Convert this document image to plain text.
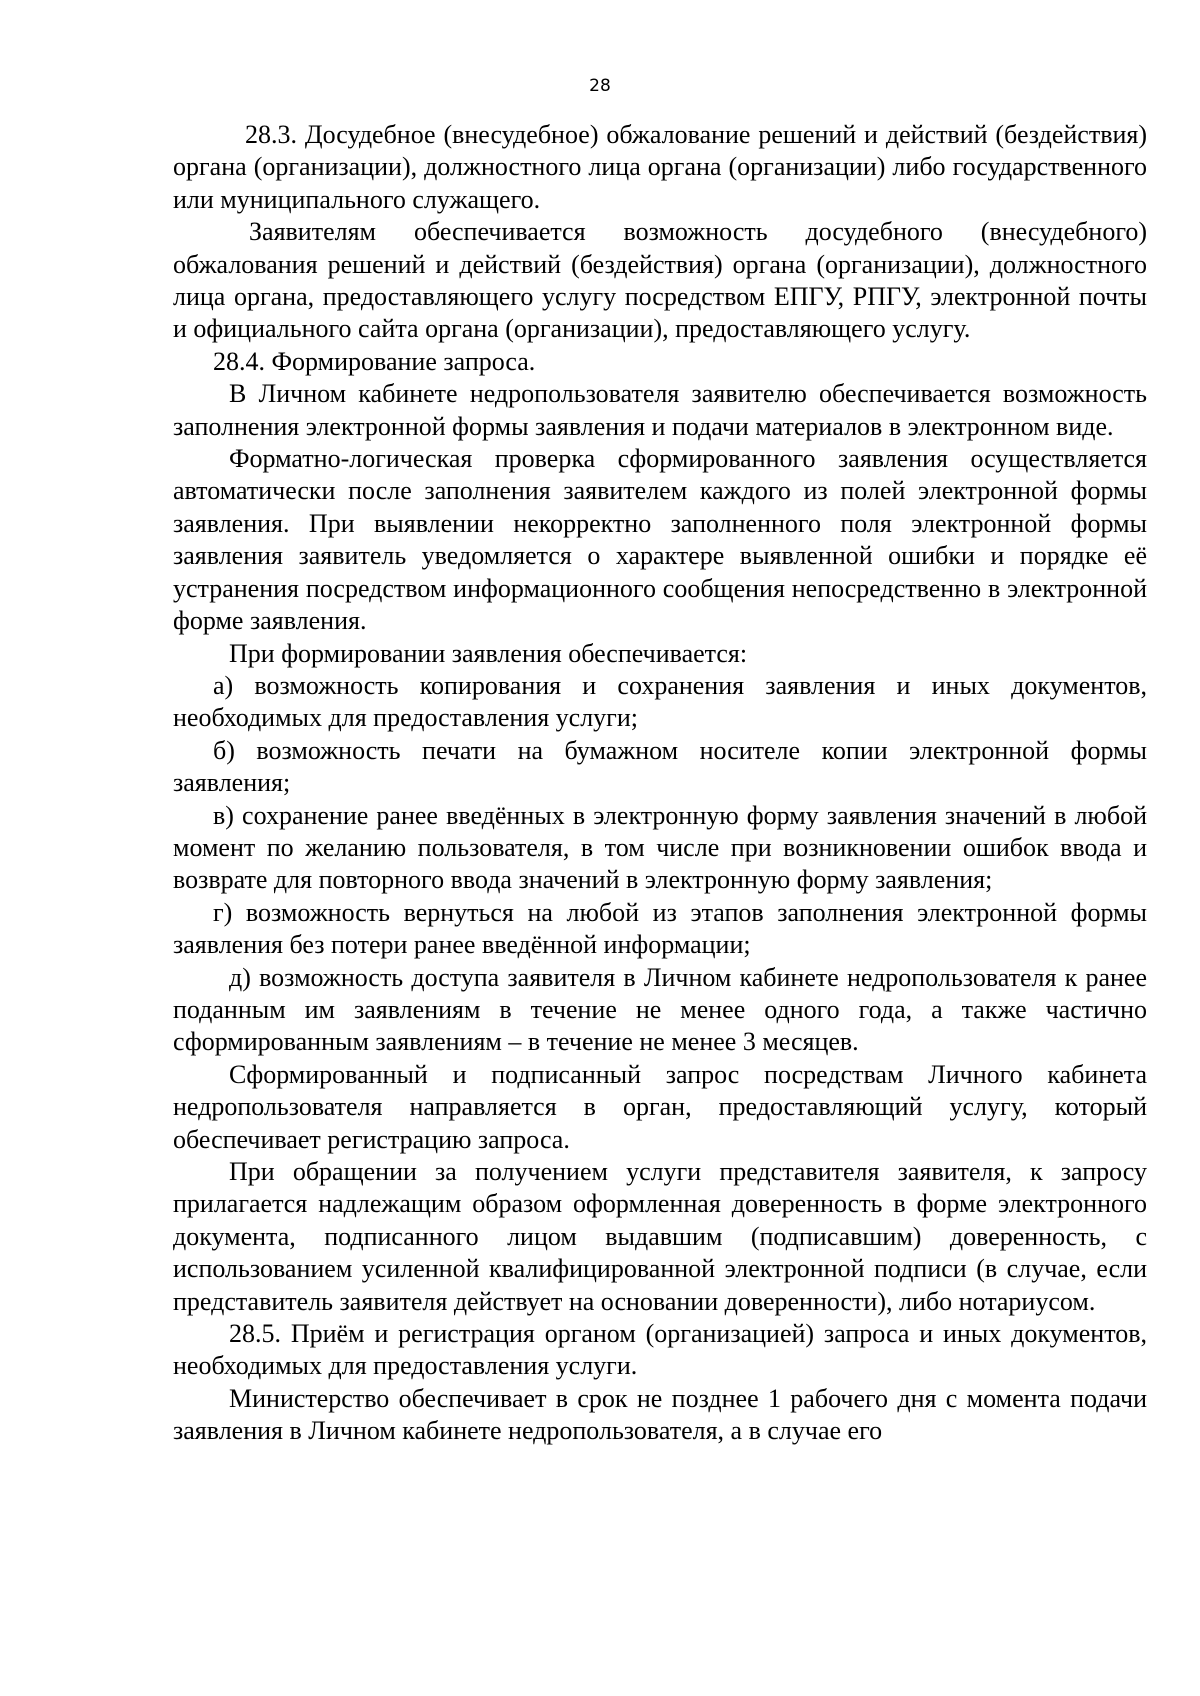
28

28.3. Досудебное (внесудебное) обжалование решений и действий (бездействия) органа (организации), должностного лица органа (организации) либо государственного или муниципального служащего.

Заявителям обеспечивается возможность досудебного (внесудебного) обжалования решений и действий (бездействия) органа (организации), должностного лица органа, предоставляющего услугу посредством ЕПГУ, РПГУ, электронной почты и официального сайта органа (организации), предоставляющего услугу.

28.4. Формирование запроса.

В Личном кабинете недропользователя заявителю обеспечивается возможность заполнения электронной формы заявления и подачи материалов в электронном виде.

Форматно-логическая проверка сформированного заявления осуществляется автоматически после заполнения заявителем каждого из полей электронной формы заявления. При выявлении некорректно заполненного поля электронной формы заявления заявитель уведомляется о характере выявленной ошибки и порядке её устранения посредством информационного сообщения непосредственно в электронной форме заявления.

При формировании заявления обеспечивается:

а) возможность копирования и сохранения заявления и иных документов, необходимых для предоставления услуги;

б) возможность печати на бумажном носителе копии электронной формы заявления;

в) сохранение ранее введённых в электронную форму заявления значений в любой момент по желанию пользователя, в том числе при возникновении ошибок ввода и возврате для повторного ввода значений в электронную форму заявления;

г) возможность вернуться на любой из этапов заполнения электронной формы заявления без потери ранее введённой информации;

д) возможность доступа заявителя в Личном кабинете недропользователя к ранее поданным им заявлениям в течение не менее одного года, а также частично сформированным заявлениям – в течение не менее 3 месяцев.

Сформированный и подписанный запрос посредствам Личного кабинета недропользователя направляется в орган, предоставляющий услугу, который обеспечивает регистрацию запроса.

При обращении за получением услуги представителя заявителя, к запросу прилагается надлежащим образом оформленная доверенность в форме электронного документа, подписанного лицом выдавшим (подписавшим) доверенность, с использованием усиленной квалифицированной электронной подписи (в случае, если представитель заявителя действует на основании доверенности), либо нотариусом.

28.5. Приём и регистрация органом (организацией) запроса и иных документов, необходимых для предоставления услуги.

Министерство обеспечивает в срок не позднее 1 рабочего дня с момента подачи заявления в Личном кабинете недропользователя, а в случае его
